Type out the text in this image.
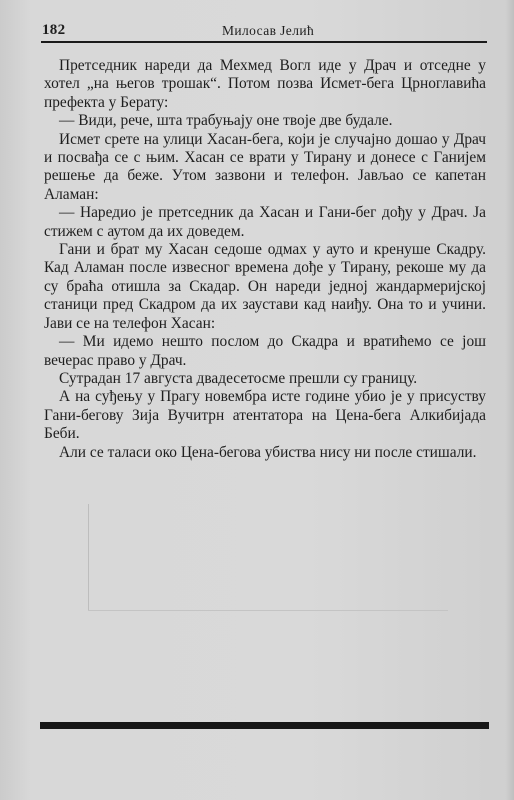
182	Милосав Јелић

Претседник нареди да Мехмед Вогл иде у Драч и отседне у хотел „на његов трошак“. Потом позва Исмет-бега Црноглавића префекта у Берату:

— Види, рече, шта трабуњају оне твоје две будале.

Исмет срете на улици Хасан-бега, који је случајно дошао у Драч и посвађа се с њим. Хасан се врати у Тирану и донесе с Ганијем решење да беже. Утом зазвони и телефон. Јављао се капетан Аламан:

— Наредио је претседник да Хасан и Гани-бег дођу у Драч. Ја стижем с аутом да их доведем.

Гани и брат му Хасан седоше одмах у ауто и кренуше Скадру. Кад Аламан после извесног времена дође у Тирану, рекоше му да су браћа отишла за Скадар. Он нареди једној жандармеријској станици пред Скадром да их заустави кад наиђу. Она то и учини. Јави се на телефон Хасан:

— Ми идемо нешто послом до Скадра и вратићемо се још вечерас право у Драч.

Сутрадан 17 августа двадесетосме прешли су границу.

А на суђењу у Прагу новембра исте године убио је у присуству Гани-бегову Зија Вучитрн атентатора на Цена-бега Алкибијада Беби.

Али се таласи око Цена-бегова убиства нису ни после стишали.
